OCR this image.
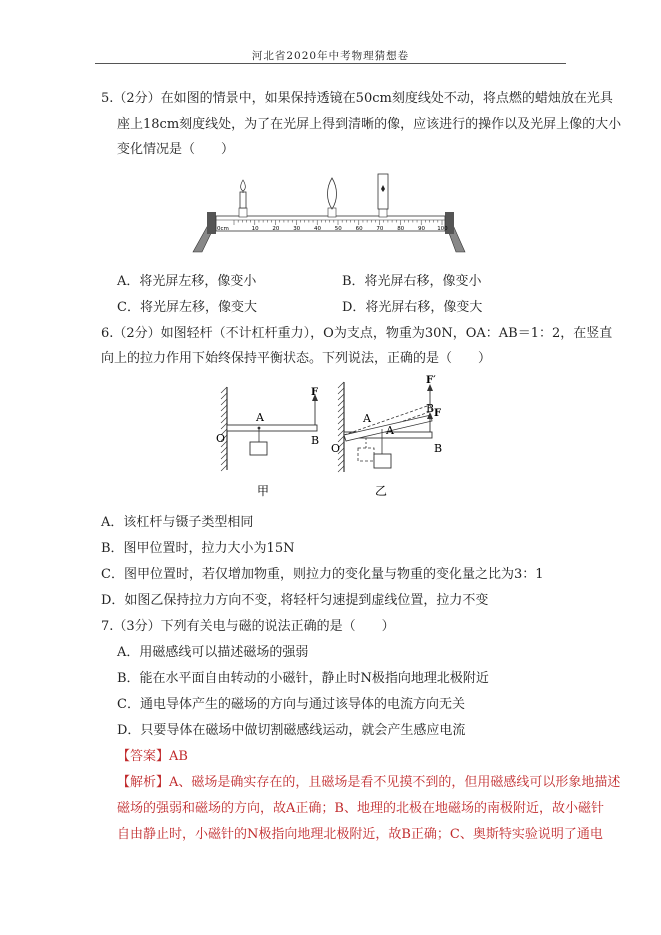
河北省2020年中考物理猜想卷
5.（2分）在如图的情景中，如果保持透镜在50cm刻度线处不动，将点燃的蜡烛放在光具
座上18cm刻度线处，为了在光屏上得到清晰的像，应该进行的操作以及光屏上像的大小
变化情况是（　　）
0cm	10	20	30	40	50	60	70	80	90 100
A．将光屏左移，像变小	B．将光屏右移，像变小
C．将光屏左移，像变大	D．将光屏右移，像变大
6.（2分）如图轻杆（不计杠杆重力），O为支点，物重为30N，OA：AB＝1：2，在竖直
向上的拉力作用下始终保持平衡状态。下列说法，正确的是（　　）
F
A
O	B
甲
F′
F
A
A
B
B
O
乙
A．该杠杆与镊子类型相同
B．图甲位置时，拉力大小为15N
C．图甲位置时，若仅增加物重，则拉力的变化量与物重的变化量之比为3：1
D．如图乙保持拉力方向不变，将轻杆匀速提到虚线位置，拉力不变
7.（3分）下列有关电与磁的说法正确的是（　　）
A．用磁感线可以描述磁场的强弱
B．能在水平面自由转动的小磁针，静止时N极指向地理北极附近
C．通电导体产生的磁场的方向与通过该导体的电流方向无关
D．只要导体在磁场中做切割磁感线运动，就会产生感应电流
【答案】AB
【解析】A、磁场是确实存在的，且磁场是看不见摸不到的，但用磁感线可以形象地描述
磁场的强弱和磁场的方向，故A正确；B、地理的北极在地磁场的南极附近，故小磁针
自由静止时，小磁针的N极指向地理北极附近，故B正确；C、奥斯特实验说明了通电
